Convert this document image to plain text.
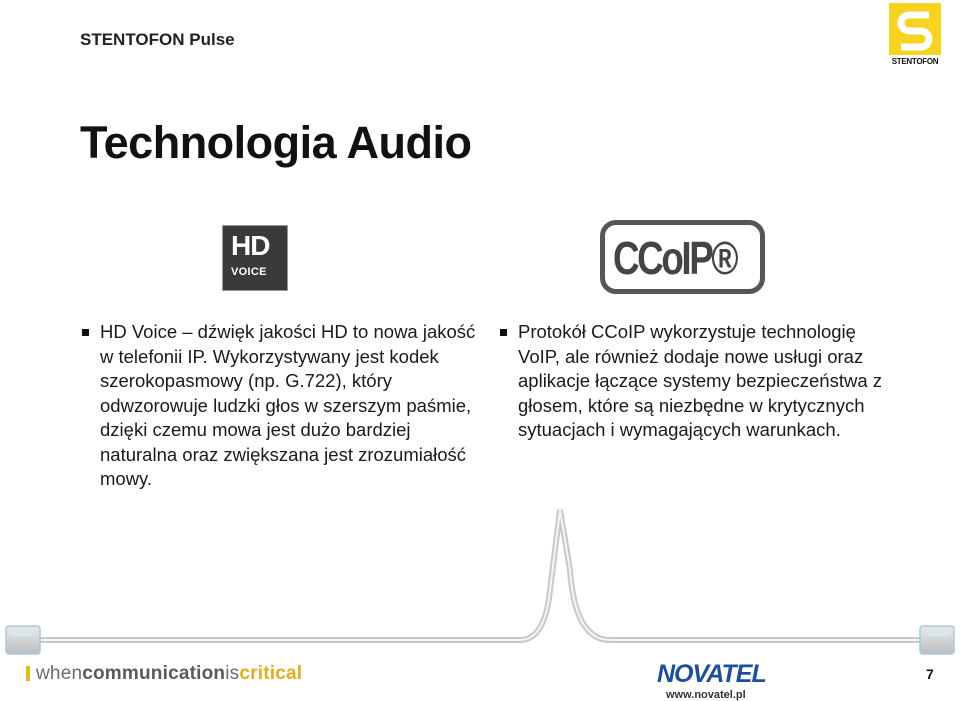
STENTOFON Pulse
STENTOFON
Technologia Audio
HD
VOICE	CCoIP®
HD Voice – dźwięk jakości HD to nowa jakość w telefonii IP. Wykorzystywany jest kodek szerokopasmowy (np. G.722), który odwzorowuje ludzki głos w szerszym paśmie, dzięki czemu mowa jest dużo bardziej naturalna oraz zwiększana jest zrozumiałość mowy.
Protokół CCoIP wykorzystuje technologię VoIP, ale również dodaje nowe usługi oraz aplikacje łączące systemy bezpieczeństwa z głosem, które są niezbędne w krytycznych sytuacjach i wymagających warunkach.
whencommunicationiscritical	NOVATEL
www.novatel.pl
7
